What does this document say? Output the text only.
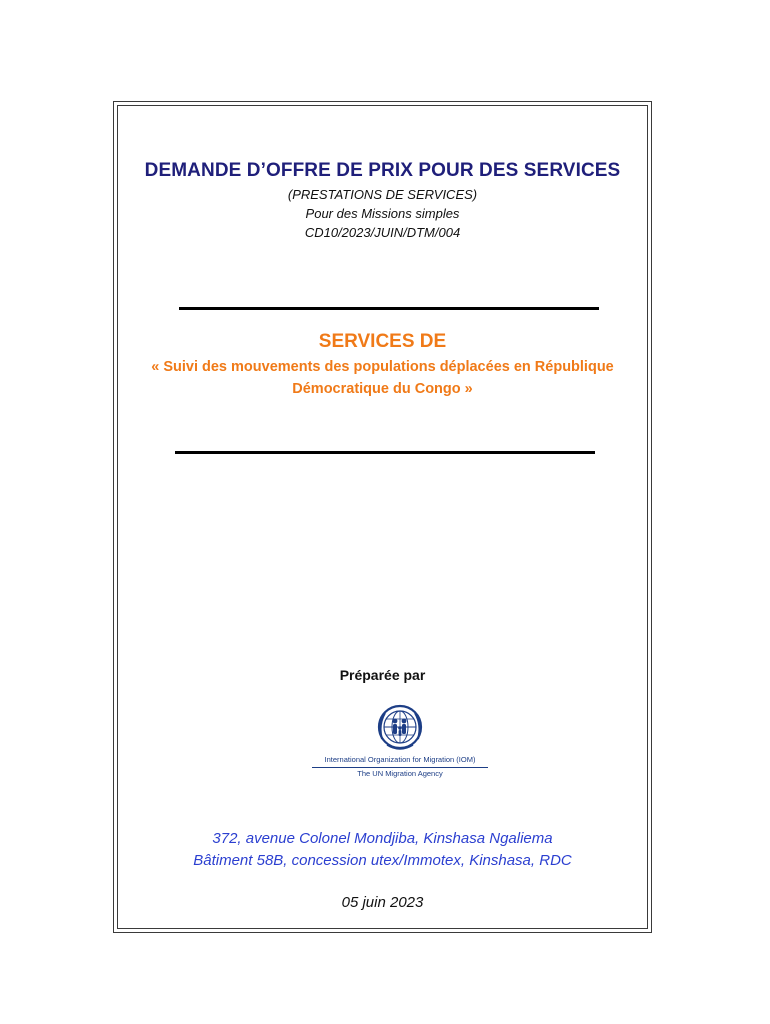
DEMANDE D’OFFRE DE PRIX POUR DES SERVICES
(PRESTATIONS DE SERVICES)
Pour des Missions simples
CD10/2023/JUIN/DTM/004
SERVICES DE
« Suivi des mouvements des populations déplacées en République Démocratique du Congo »
Préparée par
International Organization for Migration (IOM)
The UN Migration Agency
372, avenue Colonel Mondjiba, Kinshasa Ngaliema
Bâtiment 58B, concession utex/Immotex, Kinshasa, RDC
05 juin 2023
